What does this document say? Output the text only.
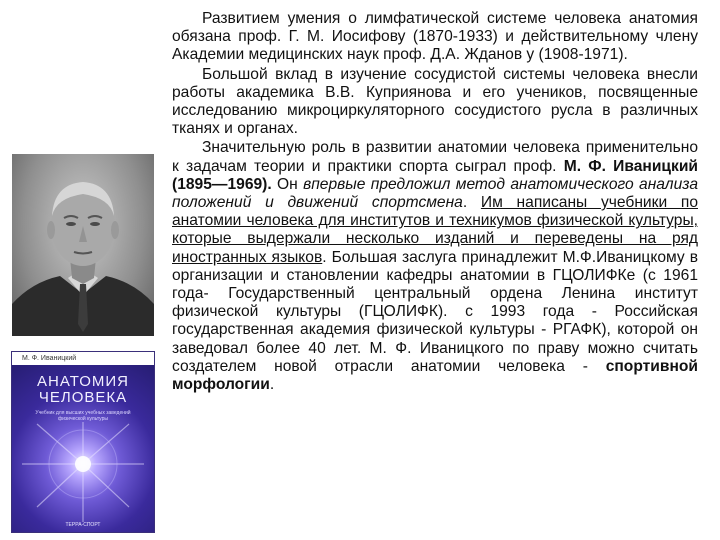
М. Ф. Иваницкий
АНАТОМИЯ
ЧЕЛОВЕКА
Учебник для высших учебных заведений физической культуры
ТЕРРА-СПОРТ

Развитием умения о лимфатической системе человека анатомия обязана проф. Г. М. Иосифову (1870-1933) и действительному члену Академии медицинских наук проф. Д.А. Жданов у (1908-1971).

Большой вклад в изучение сосудистой системы человека внесли работы академика В.В. Куприянова и его учеников, посвященные исследованию микроциркуляторного сосудистого русла в различных тканях и органах.

Значительную роль в развитии анатомии человека применительно к задачам теории и практики спорта сыграл проф. М. Ф. Иваницкий (1895—1969). Он впервые предложил метод анатомического анализа положений и движений спортсмена. Им написаны учебники по анатомии человека для институтов и техникумов физической культуры, которые выдержали несколько изданий и переведены на ряд иностранных языков. Большая заслуга принадлежит М.Ф.Иваницкому в организации и становлении кафедры анатомии в ГЦОЛИФКе (с 1961 года- Государственный центральный ордена Ленина институт физической культуры (ГЦОЛИФК). с 1993 года - Российская государственная академия физической культуры - РГАФК), которой он заведовал более 40 лет. М. Ф. Иваницкого по праву можно считать создателем новой отрасли анатомии человека - спортивной морфологии.
